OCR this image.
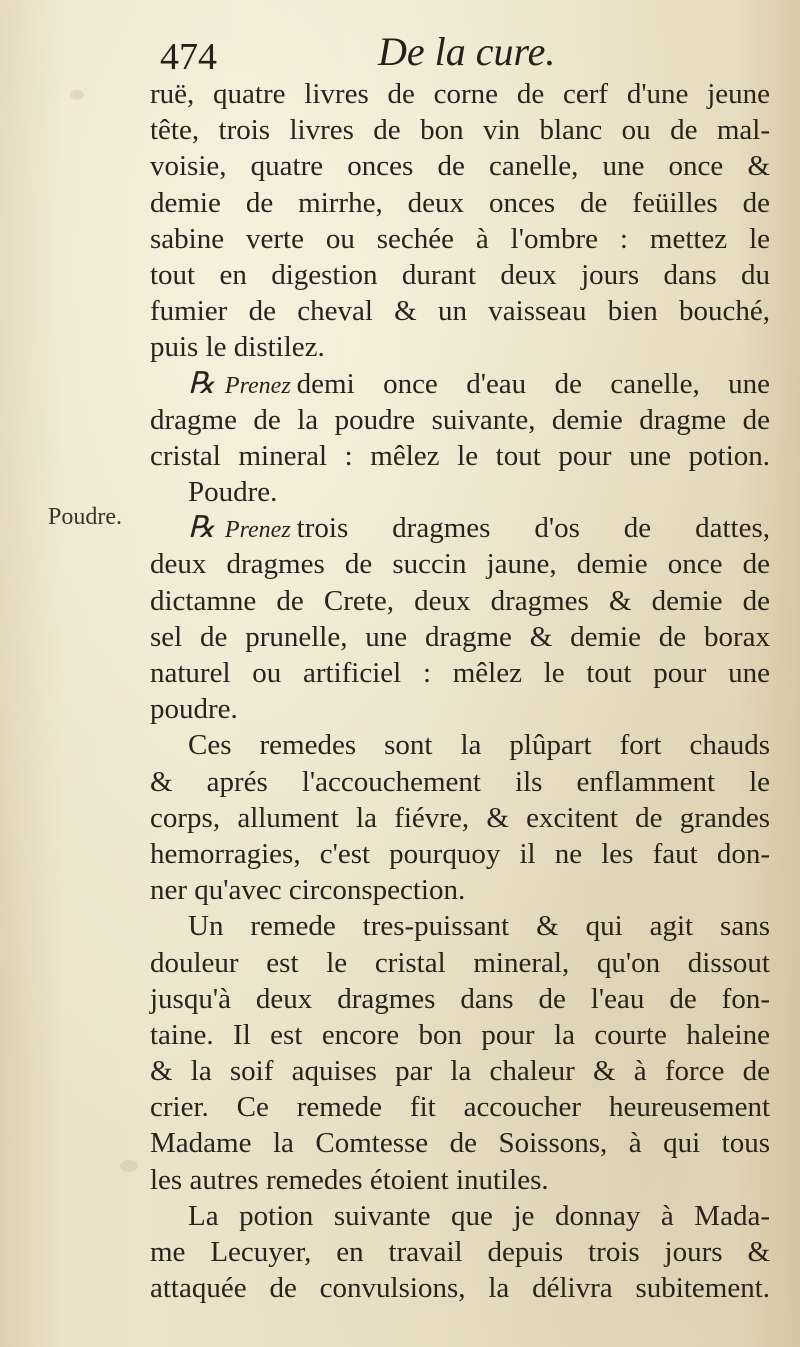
474	De la cure.
Poudre.
ruë, quatre livres de corne de cerf d'une jeune
tête, trois livres de bon vin blanc ou de mal-
voisie, quatre onces de canelle, une once &
demie de mirrhe, deux onces de feüilles de
sabine verte ou sechée à l'ombre : mettez le
tout en digestion durant deux jours dans du
fumier de cheval & un vaisseau bien bouché,
puis le distilez.
℞ Prenez demi once d'eau de canelle, une
dragme de la poudre suivante, demie dragme de
cristal mineral : mêlez le tout pour une potion.
Poudre.
℞ Prenez trois dragmes d'os de dattes,
deux dragmes de succin jaune, demie once de
dictamne de Crete, deux dragmes & demie de
sel de prunelle, une dragme & demie de borax
naturel ou artificiel : mêlez le tout pour une
poudre.
Ces remedes sont la plûpart fort chauds
& aprés l'accouchement ils enflamment le
corps, allument la fiévre, & excitent de grandes
hemorragies, c'est pourquoy il ne les faut don-
ner qu'avec circonspection.
Un remede tres-puissant & qui agit sans
douleur est le cristal mineral, qu'on dissout
jusqu'à deux dragmes dans de l'eau de fon-
taine. Il est encore bon pour la courte haleine
& la soif aquises par la chaleur & à force de
crier. Ce remede fit accoucher heureusement
Madame la Comtesse de Soissons, à qui tous
les autres remedes étoient inutiles.
La potion suivante que je donnay à Mada-
me Lecuyer, en travail depuis trois jours &
attaquée de convulsions, la délivra subitement.
